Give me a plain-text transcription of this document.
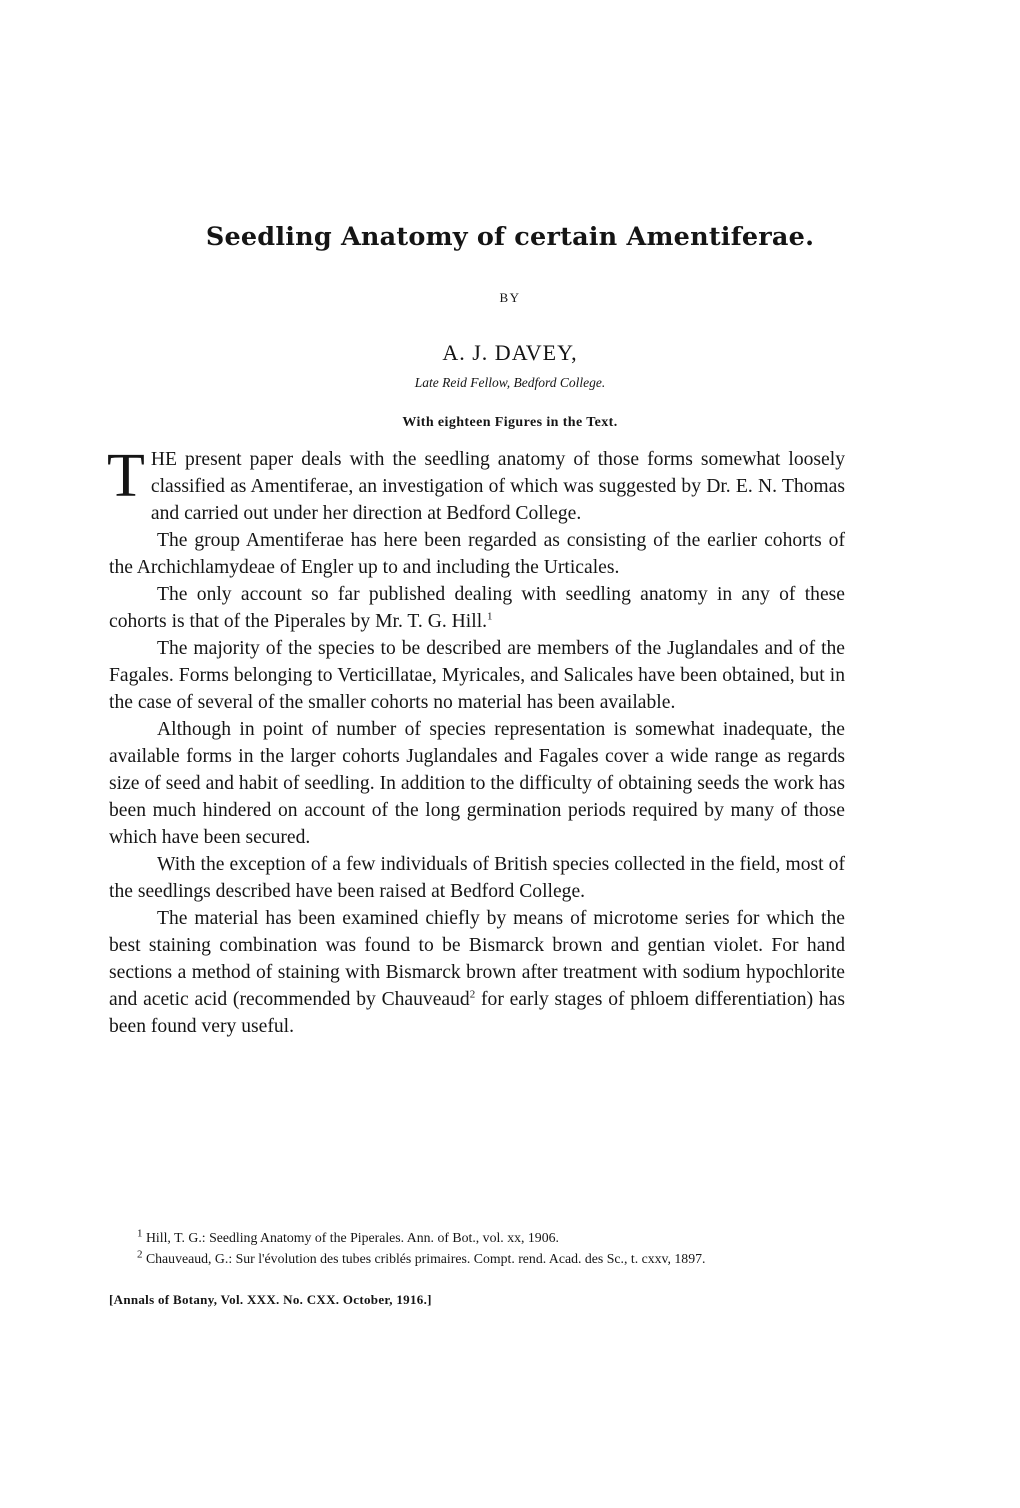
Seedling Anatomy of certain Amentiferae.

BY

A. J. DAVEY,

Late Reid Fellow, Bedford College.

With eighteen Figures in the Text.

THE present paper deals with the seedling anatomy of those forms somewhat loosely classified as Amentiferae, an investigation of which was suggested by Dr. E. N. Thomas and carried out under her direction at Bedford College.

The group Amentiferae has here been regarded as consisting of the earlier cohorts of the Archichlamydeae of Engler up to and including the Urticales.

The only account so far published dealing with seedling anatomy in any of these cohorts is that of the Piperales by Mr. T. G. Hill.$^1$

The majority of the species to be described are members of the Juglandales and of the Fagales. Forms belonging to Verticillatae, Myricales, and Salicales have been obtained, but in the case of several of the smaller cohorts no material has been available.

Although in point of number of species representation is somewhat inadequate, the available forms in the larger cohorts Juglandales and Fagales cover a wide range as regards size of seed and habit of seedling. In addition to the difficulty of obtaining seeds the work has been much hindered on account of the long germination periods required by many of those which have been secured.

With the exception of a few individuals of British species collected in the field, most of the seedlings described have been raised at Bedford College.

The material has been examined chiefly by means of microtome series for which the best staining combination was found to be Bismarck brown and gentian violet. For hand sections a method of staining with Bismarck brown after treatment with sodium hypochlorite and acetic acid (recommended by Chauveaud$^2$ for early stages of phloem differentiation) has been found very useful.

$^1$ Hill, T. G.: Seedling Anatomy of the Piperales. Ann. of Bot., vol. xx, 1906.

$^2$ Chauveaud, G.: Sur l'évolution des tubes criblés primaires. Compt. rend. Acad. des Sc., t. cxxv, 1897.

[Annals of Botany, Vol. XXX. No. CXX. October, 1916.]
